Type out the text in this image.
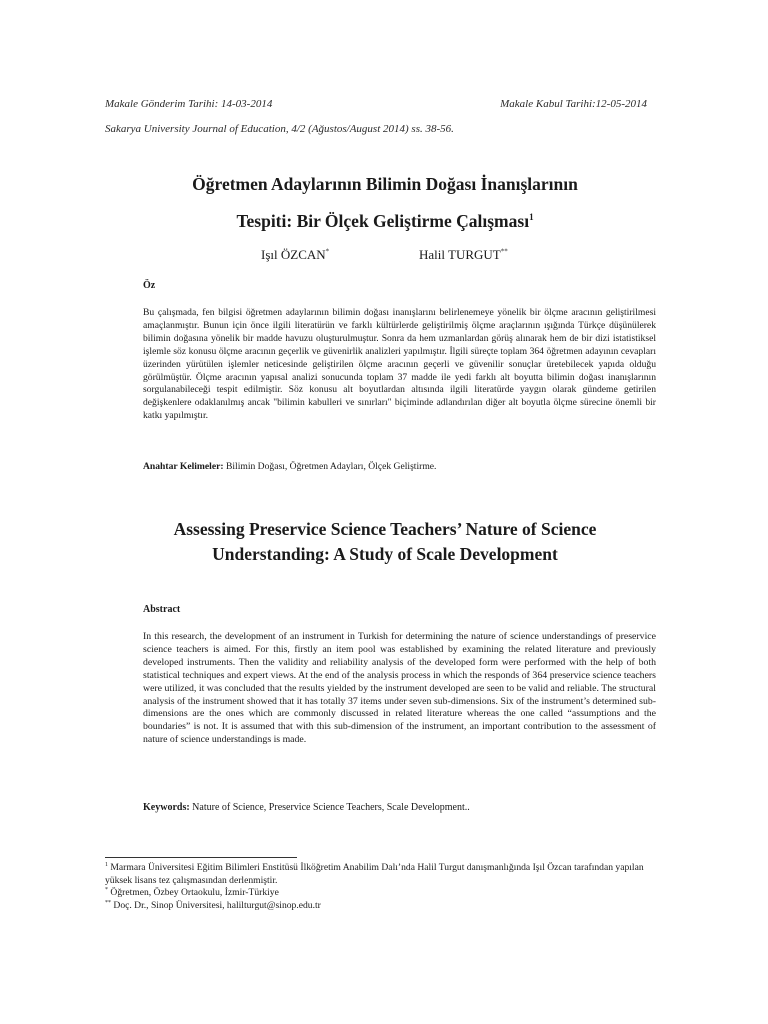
Makale Gönderim Tarihi: 14-03-2014	Makale Kabul Tarihi:12-05-2014
Sakarya University Journal of Education, 4/2 (Ağustos/August 2014) ss. 38-56.
Öğretmen Adaylarının Bilimin Doğası İnanışlarının
Tespiti: Bir Ölçek Geliştirme Çalışması$^1$
Işıl ÖZCAN*	Halil TURGUT**
Öz
Bu çalışmada, fen bilgisi öğretmen adaylarının bilimin doğası inanışlarını belirlenemeye yönelik bir ölçme aracının geliştirilmesi amaçlanmıştır. Bunun için önce ilgili literatürün ve farklı kültürlerde geliştirilmiş ölçme araçlarının ışığında Türkçe düşünülerek bilimin doğasına yönelik bir madde havuzu oluşturulmuştur. Sonra da hem uzmanlardan görüş alınarak hem de bir dizi istatistiksel işlemle söz konusu ölçme aracının geçerlik ve güvenirlik analizleri yapılmıştır. İlgili süreçte toplam 364 öğretmen adayının cevapları üzerinden yürütülen işlemler neticesinde geliştirilen ölçme aracının geçerli ve güvenilir sonuçlar üretebilecek yapıda olduğu görülmüştür. Ölçme aracının yapısal analizi sonucunda toplam 37 madde ile yedi farklı alt boyutta bilimin doğası inanışlarının sorgulanabileceği tespit edilmiştir. Söz konusu alt boyutlardan altısında ilgili literatürde yaygın olarak gündeme getirilen değişkenlere odaklanılmış ancak "bilimin kabulleri ve sınırları" biçiminde adlandırılan diğer alt boyutla ölçme sürecine önemli bir katkı yapılmıştır.
Anahtar Kelimeler: Bilimin Doğası, Öğretmen Adayları, Ölçek Geliştirme.
Assessing Preservice Science Teachers’ Nature of Science
Understanding: A Study of Scale Development
Abstract
In this research, the development of an instrument in Turkish for determining the nature of science understandings of preservice science teachers is aimed. For this, firstly an item pool was established by examining the related literature and previously developed instruments. Then the validity and reliability analysis of the developed form were performed with the help of both statistical techniques and expert views. At the end of the analysis process in which the responds of 364 preservice science teachers were utilized, it was concluded that the results yielded by the instrument developed are seen to be valid and reliable. The structural analysis of the instrument showed that it has totally 37 items under seven sub-dimensions. Six of the instrument’s determined sub-dimensions are the ones which are commonly discussed in related literature whereas the one called “assumptions and the boundaries” is not. It is assumed that with this sub-dimension of the instrument, an important contribution to the assessment of nature of science understandings is made.
Keywords: Nature of Science, Preservice Science Teachers, Scale Development..

$^1$ Marmara Üniversitesi Eğitim Bilimleri Enstitüsü İlköğretim Anabilim Dalı’nda Halil Turgut danışmanlığında Işıl Özcan tarafından yapılan yüksek lisans tez çalışmasından derlenmiştir.

* Öğretmen, Özbey Ortaokulu, İzmir-Türkiye

** Doç. Dr., Sinop Üniversitesi, halilturgut@sinop.edu.tr
